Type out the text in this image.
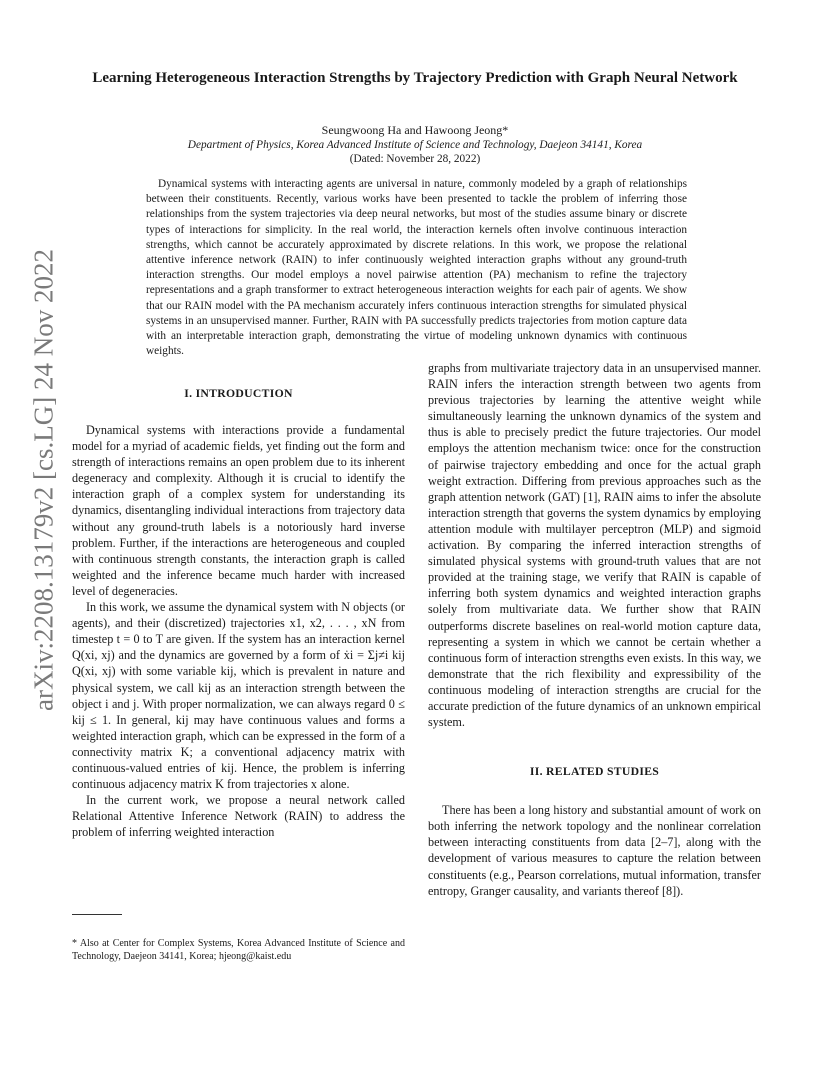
arXiv:2208.13179v2 [cs.LG] 24 Nov 2022
Learning Heterogeneous Interaction Strengths by Trajectory Prediction with Graph Neural Network
Seungwoong Ha and Hawoong Jeong*
Department of Physics, Korea Advanced Institute of Science and Technology, Daejeon 34141, Korea
(Dated: November 28, 2022)

Dynamical systems with interacting agents are universal in nature, commonly modeled by a graph of relationships between their constituents. Recently, various works have been presented to tackle the problem of inferring those relationships from the system trajectories via deep neural networks, but most of the studies assume binary or discrete types of interactions for simplicity. In the real world, the interaction kernels often involve continuous interaction strengths, which cannot be accurately approximated by discrete relations. In this work, we propose the relational attentive inference network (RAIN) to infer continuously weighted interaction graphs without any ground-truth interaction strengths. Our model employs a novel pairwise attention (PA) mechanism to refine the trajectory representations and a graph transformer to extract heterogeneous interaction weights for each pair of agents. We show that our RAIN model with the PA mechanism accurately infers continuous interaction strengths for simulated physical systems in an unsupervised manner. Further, RAIN with PA successfully predicts trajectories from motion capture data with an interpretable interaction graph, demonstrating the virtue of modeling unknown dynamics with continuous weights.

I. INTRODUCTION

Dynamical systems with interactions provide a fundamental model for a myriad of academic fields, yet finding out the form and strength of interactions remains an open problem due to its inherent degeneracy and complexity. Although it is crucial to identify the interaction graph of a complex system for understanding its dynamics, disentangling individual interactions from trajectory data without any ground-truth labels is a notoriously hard inverse problem. Further, if the interactions are heterogeneous and coupled with continuous strength constants, the interaction graph is called weighted and the inference became much harder with increased level of degeneracies.

In this work, we assume the dynamical system with N objects (or agents), and their (discretized) trajectories x1, x2, . . . , xN from timestep t = 0 to T are given. If the system has an interaction kernel Q(xi, xj) and the dynamics are governed by a form of ẋi = Σj≠i kij Q(xi, xj) with some variable kij, which is prevalent in nature and physical system, we call kij as an interaction strength between the object i and j. With proper normalization, we can always regard 0 ≤ kij ≤ 1. In general, kij may have continuous values and forms a weighted interaction graph, which can be expressed in the form of a connectivity matrix K; a conventional adjacency matrix with continuous-valued entries of kij. Hence, the problem is inferring continuous adjacency matrix K from trajectories x alone.

In the current work, we propose a neural network called Relational Attentive Inference Network (RAIN) to address the problem of inferring weighted interaction

graphs from multivariate trajectory data in an unsupervised manner. RAIN infers the interaction strength between two agents from previous trajectories by learning the attentive weight while simultaneously learning the unknown dynamics of the system and thus is able to precisely predict the future trajectories. Our model employs the attention mechanism twice: once for the construction of pairwise trajectory embedding and once for the actual graph weight extraction. Differing from previous approaches such as the graph attention network (GAT) [1], RAIN aims to infer the absolute interaction strength that governs the system dynamics by employing attention module with multilayer perceptron (MLP) and sigmoid activation. By comparing the inferred interaction strengths of simulated physical systems with ground-truth values that are not provided at the training stage, we verify that RAIN is capable of inferring both system dynamics and weighted interaction graphs solely from multivariate data. We further show that RAIN outperforms discrete baselines on real-world motion capture data, representing a system in which we cannot be certain whether a continuous form of interaction strengths even exists. In this way, we demonstrate that the rich flexibility and expressibility of the continuous modeling of interaction strengths are crucial for the accurate prediction of the future dynamics of an unknown empirical system.

II. RELATED STUDIES

There has been a long history and substantial amount of work on both inferring the network topology and the nonlinear correlation between interacting constituents from data [2–7], along with the development of various measures to capture the relation between constituents (e.g., Pearson correlations, mutual information, transfer entropy, Granger causality, and variants thereof [8]).

* Also at Center for Complex Systems, Korea Advanced Institute of Science and Technology, Daejeon 34141, Korea; hjeong@kaist.edu
